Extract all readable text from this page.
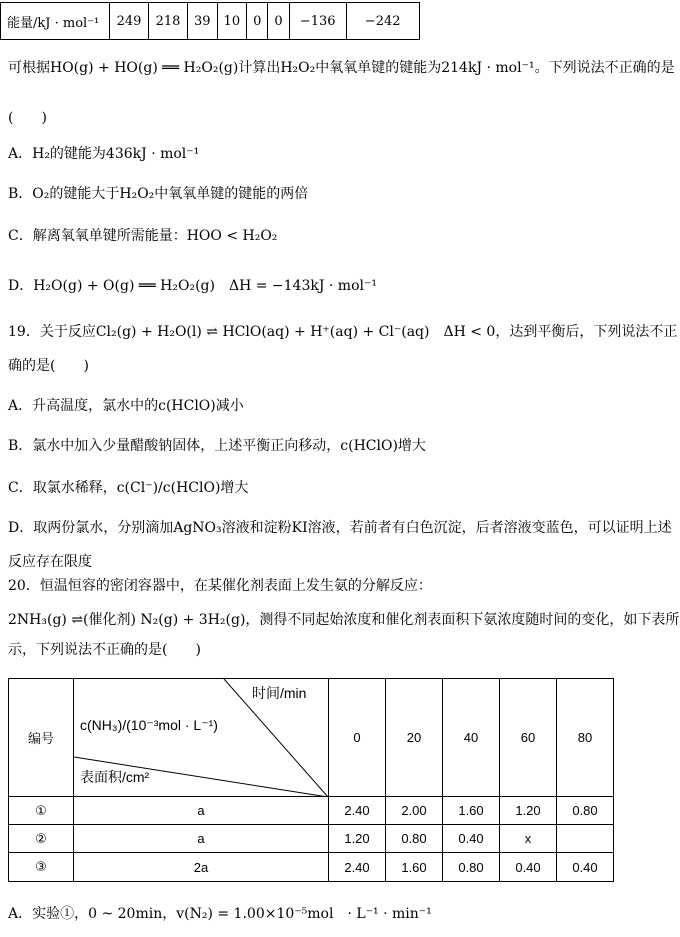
能量/kJ · mol⁻¹	249	218	39	10	0	0	−136	−242
可根据HO(g) + HO(g) ══ H₂O₂(g)计算出H₂O₂中氧氧单键的键能为214kJ · mol⁻¹。下列说法不正确的是
(　　)
A．H₂的键能为436kJ · mol⁻¹
B．O₂的键能大于H₂O₂中氧氧单键的键能的两倍
C．解离氧氧单键所需能量：HOO < H₂O₂
D．H₂O(g) + O(g) ══ H₂O₂(g)　ΔH = −143kJ · mol⁻¹
19．关于反应Cl₂(g) + H₂O(l) ⇌ HClO(aq) + H⁺(aq) + Cl⁻(aq)　ΔH < 0，达到平衡后，下列说法不正
确的是(　　)
A．升高温度，氯水中的c(HClO)减小
B．氯水中加入少量醋酸钠固体，上述平衡正向移动，c(HClO)增大
C．取氯水稀释，c(Cl⁻)/c(HClO)增大
D．取两份氯水，分别滴加AgNO₃溶液和淀粉KI溶液，若前者有白色沉淀，后者溶液变蓝色，可以证明上述
反应存在限度
20．恒温恒容的密闭容器中，在某催化剂表面上发生氨的分解反应：
2NH₃(g) ⇌(催化剂) N₂(g) + 3H₂(g)，测得不同起始浓度和催化剂表面积下氨浓度随时间的变化，如下表所
示，下列说法不正确的是(　　)
编号	时间/min
c(NH₃)/(10⁻³mol · L⁻¹)
表面积/cm²	0	20	40	60	80
①	a	2.40	2.00	1.60	1.20	0.80
②	a	1.20	0.80	0.40	x	
③	2a	2.40	1.60	0.80	0.40	0.40
A．实验①，0 ~ 20min，v(N₂) = 1.00×10⁻⁵mol　· L⁻¹ · min⁻¹
